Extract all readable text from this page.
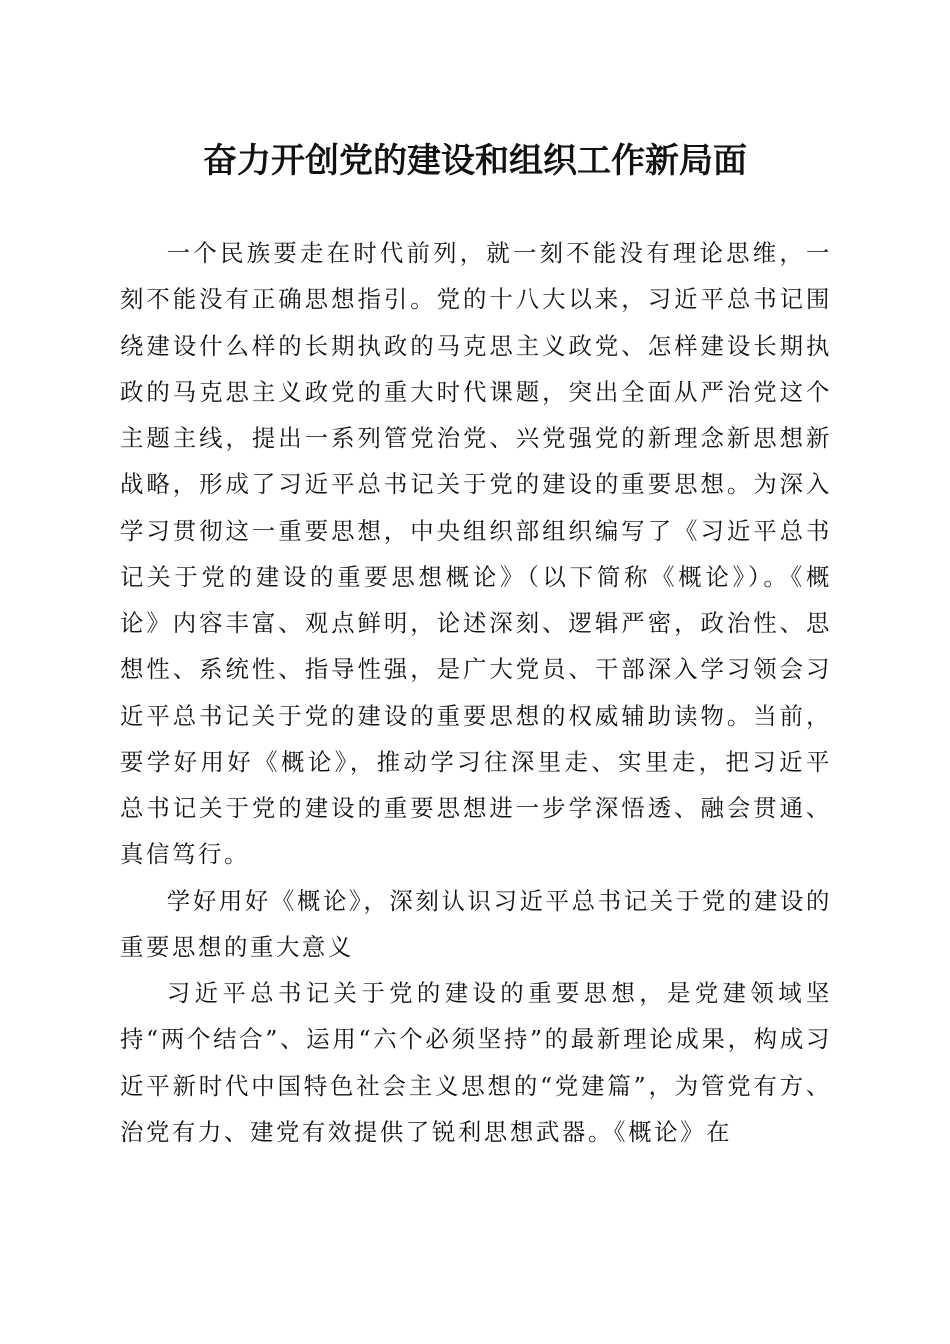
奋力开创党的建设和组织工作新局面

一个民族要走在时代前列，就一刻不能没有理论思维，一刻不能没有正确思想指引。党的十八大以来，习近平总书记围绕建设什么样的长期执政的马克思主义政党、怎样建设长期执政的马克思主义政党的重大时代课题，突出全面从严治党这个主题主线，提出一系列管党治党、兴党强党的新理念新思想新战略，形成了习近平总书记关于党的建设的重要思想。为深入学习贯彻这一重要思想，中央组织部组织编写了《习近平总书记关于党的建设的重要思想概论》（以下简称《概论》）。《概论》内容丰富、观点鲜明，论述深刻、逻辑严密，政治性、思想性、系统性、指导性强，是广大党员、干部深入学习领会习近平总书记关于党的建设的重要思想的权威辅助读物。当前，要学好用好《概论》，推动学习往深里走、实里走，把习近平总书记关于党的建设的重要思想进一步学深悟透、融会贯通、真信笃行。

学好用好《概论》，深刻认识习近平总书记关于党的建设的重要思想的重大意义

习近平总书记关于党的建设的重要思想，是党建领域坚持“两个结合”、运用“六个必须坚持”的最新理论成果，构成习近平新时代中国特色社会主义思想的“党建篇”，为管党有方、治党有力、建党有效提供了锐利思想武器。《概论》在
